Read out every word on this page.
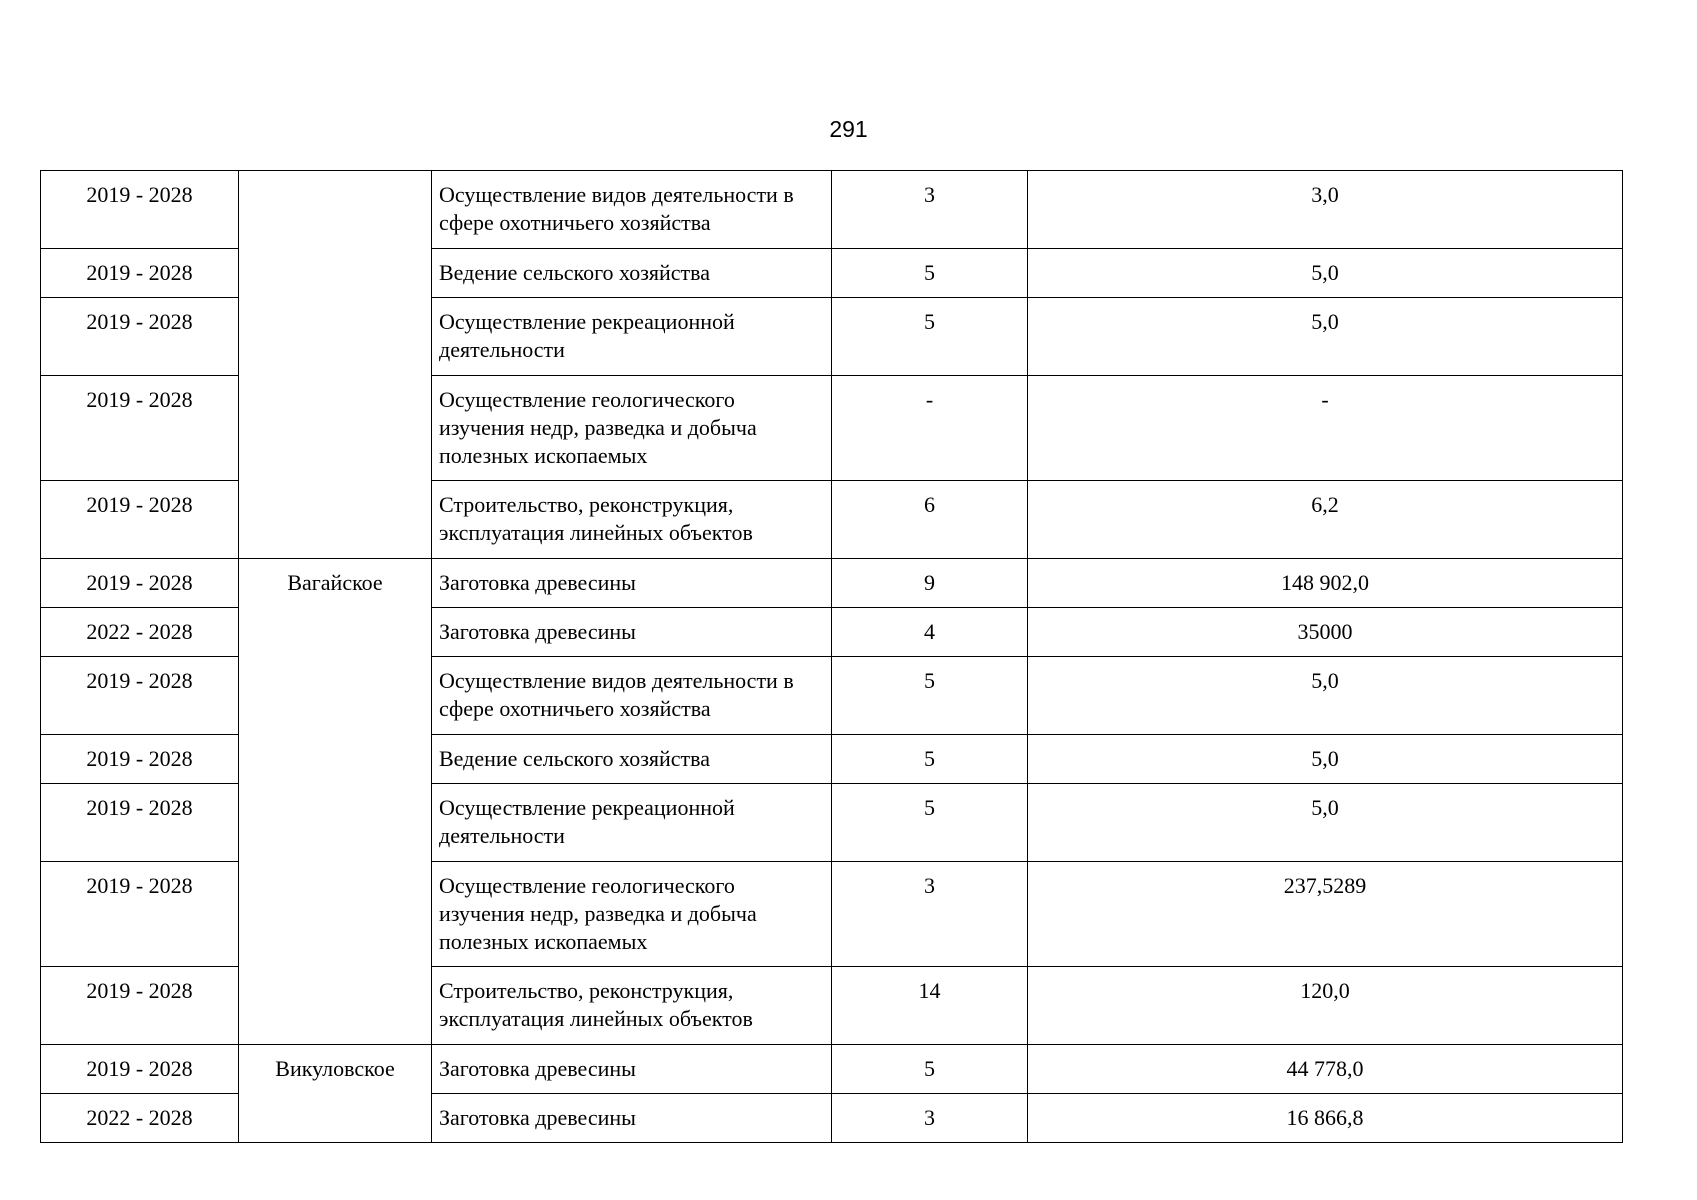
291
2019 - 2028		Осуществление видов деятельности в сфере охотничьего хозяйства	3	3,0
2019 - 2028		Ведение сельского хозяйства	5	5,0
2019 - 2028		Осуществление рекреационной деятельности	5	5,0
2019 - 2028		Осуществление геологического изучения недр, разведка и добыча полезных ископаемых	-	-
2019 - 2028		Строительство, реконструкция, эксплуатация линейных объектов	6	6,2
2019 - 2028	Вагайское	Заготовка древесины	9	148 902,0
2022 - 2028		Заготовка древесины	4	35000
2019 - 2028		Осуществление видов деятельности в сфере охотничьего хозяйства	5	5,0
2019 - 2028		Ведение сельского хозяйства	5	5,0
2019 - 2028		Осуществление рекреационной деятельности	5	5,0
2019 - 2028		Осуществление геологического изучения недр, разведка и добыча полезных ископаемых	3	237,5289
2019 - 2028		Строительство, реконструкция, эксплуатация линейных объектов	14	120,0
2019 - 2028	Викуловское	Заготовка древесины	5	44 778,0
2022 - 2028		Заготовка древесины	3	16 866,8
